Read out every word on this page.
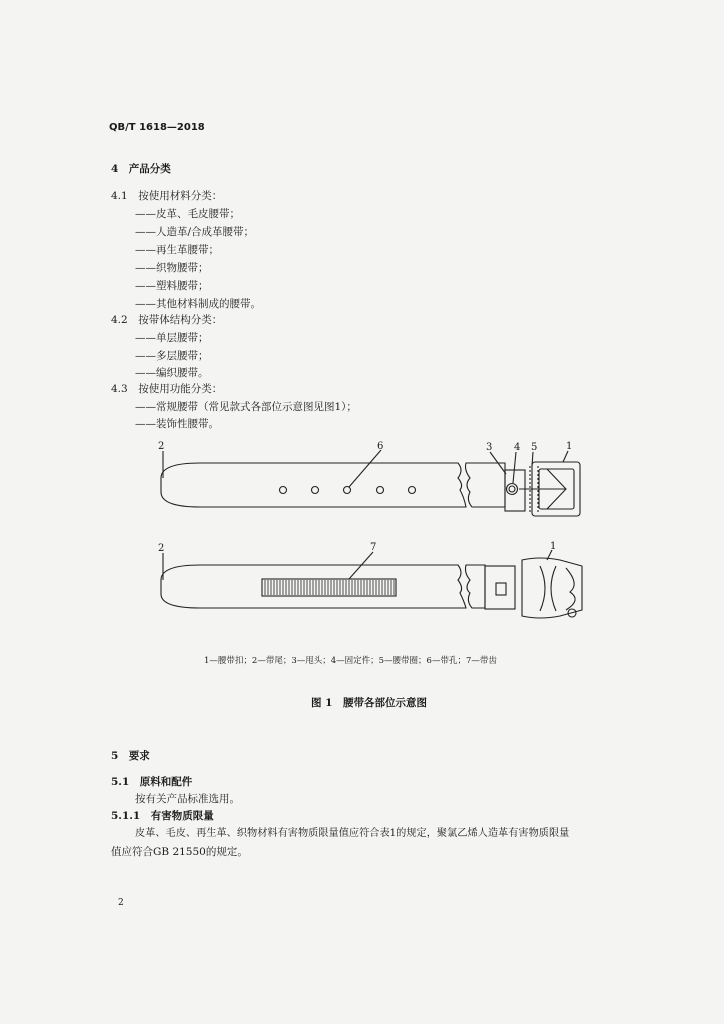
QB/T 1618—2018
4　产品分类
4.1　按使用材料分类：
——皮革、毛皮腰带；
——人造革/合成革腰带；
——再生革腰带；
——织物腰带；
——塑料腰带；
——其他材料制成的腰带。
4.2　按带体结构分类：
——单层腰带；
——多层腰带；
——编织腰带。
4.3　按使用功能分类：
——常规腰带（常见款式各部位示意图见图1）；
——装饰性腰带。
2	6	3 4 5	1
2	7	1
1—腰带扣；2—带尾；3—甩头；4—固定件；5—腰带圈；6—带孔；7—带齿
图 1　腰带各部位示意图
5　要求
5.1　原料和配件
按有关产品标准选用。
5.1.1　有害物质限量
皮革、毛皮、再生革、织物材料有害物质限量值应符合表1的规定，聚氯乙烯人造革有害物质限量
值应符合GB 21550的规定。
2
